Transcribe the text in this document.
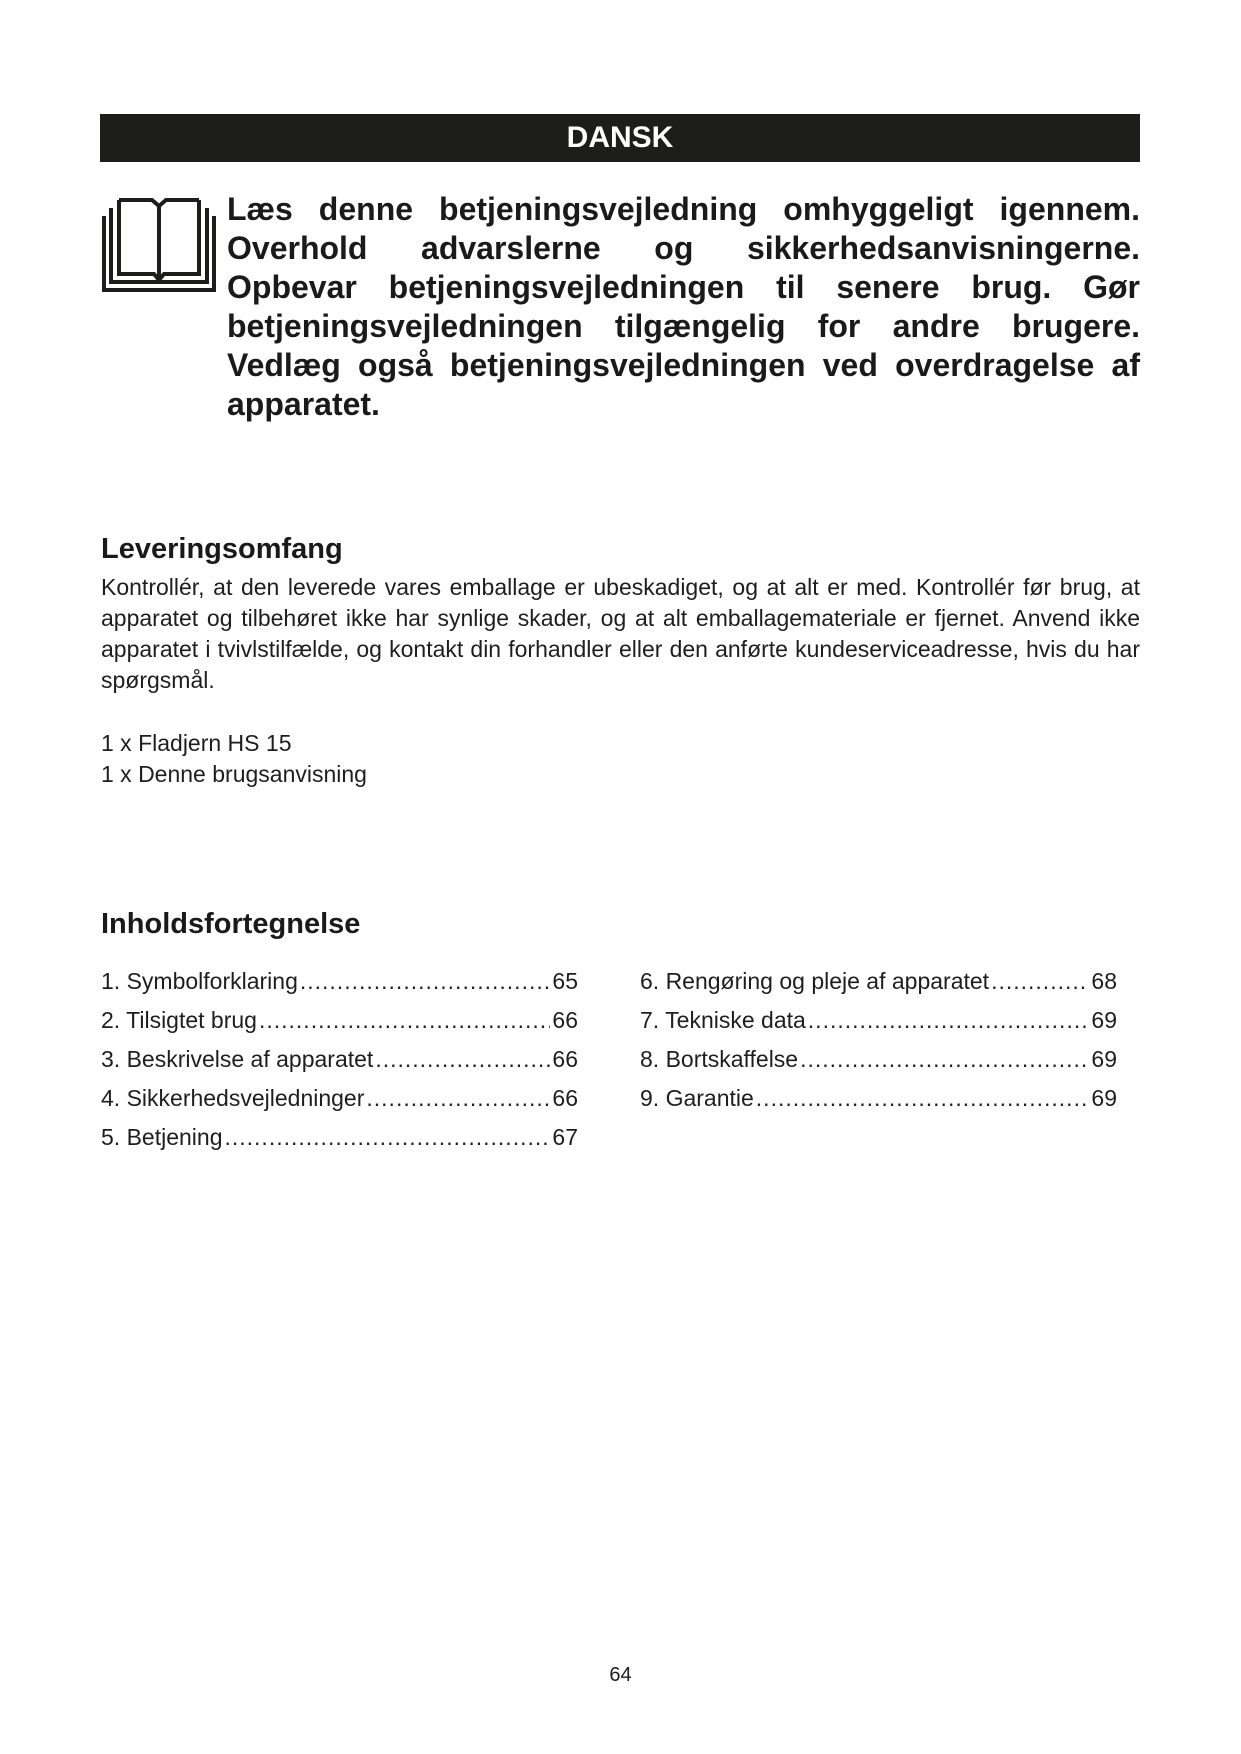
DANSK
Læs denne betjeningsvejledning omhyggeligt igennem. Overhold advarslerne og sikkerhedsanvisningerne. Opbevar betjeningsvejledningen til senere brug. Gør betjeningsvejledningen tilgængelig for andre brugere. Vedlæg også betjeningsvejledningen ved overdragelse af apparatet.
Leveringsomfang
Kontrollér, at den leverede vares emballage er ubeskadiget, og at alt er med. Kontrollér før brug, at apparatet og tilbehøret ikke har synlige skader, og at alt emballagemateriale er fjernet. Anvend ikke apparatet i tvivlstilfælde, og kontakt din forhandler eller den anførte kundeserviceadresse, hvis du har spørgsmål.
1 x Fladjern HS 15
1 x Denne brugsanvisning
Inholdsfortegnelse
1. Symbolforklaring .....	65
2. Tilsigtet brug .....	66
3. Beskrivelse af apparatet .....	66
4. Sikkerhedsvejledninger .....	66
5. Betjening .....	67
6. Rengøring og pleje af apparatet .....	68
7. Tekniske data .....	69
8. Bortskaffelse .....	69
9. Garantie .....	69
64
